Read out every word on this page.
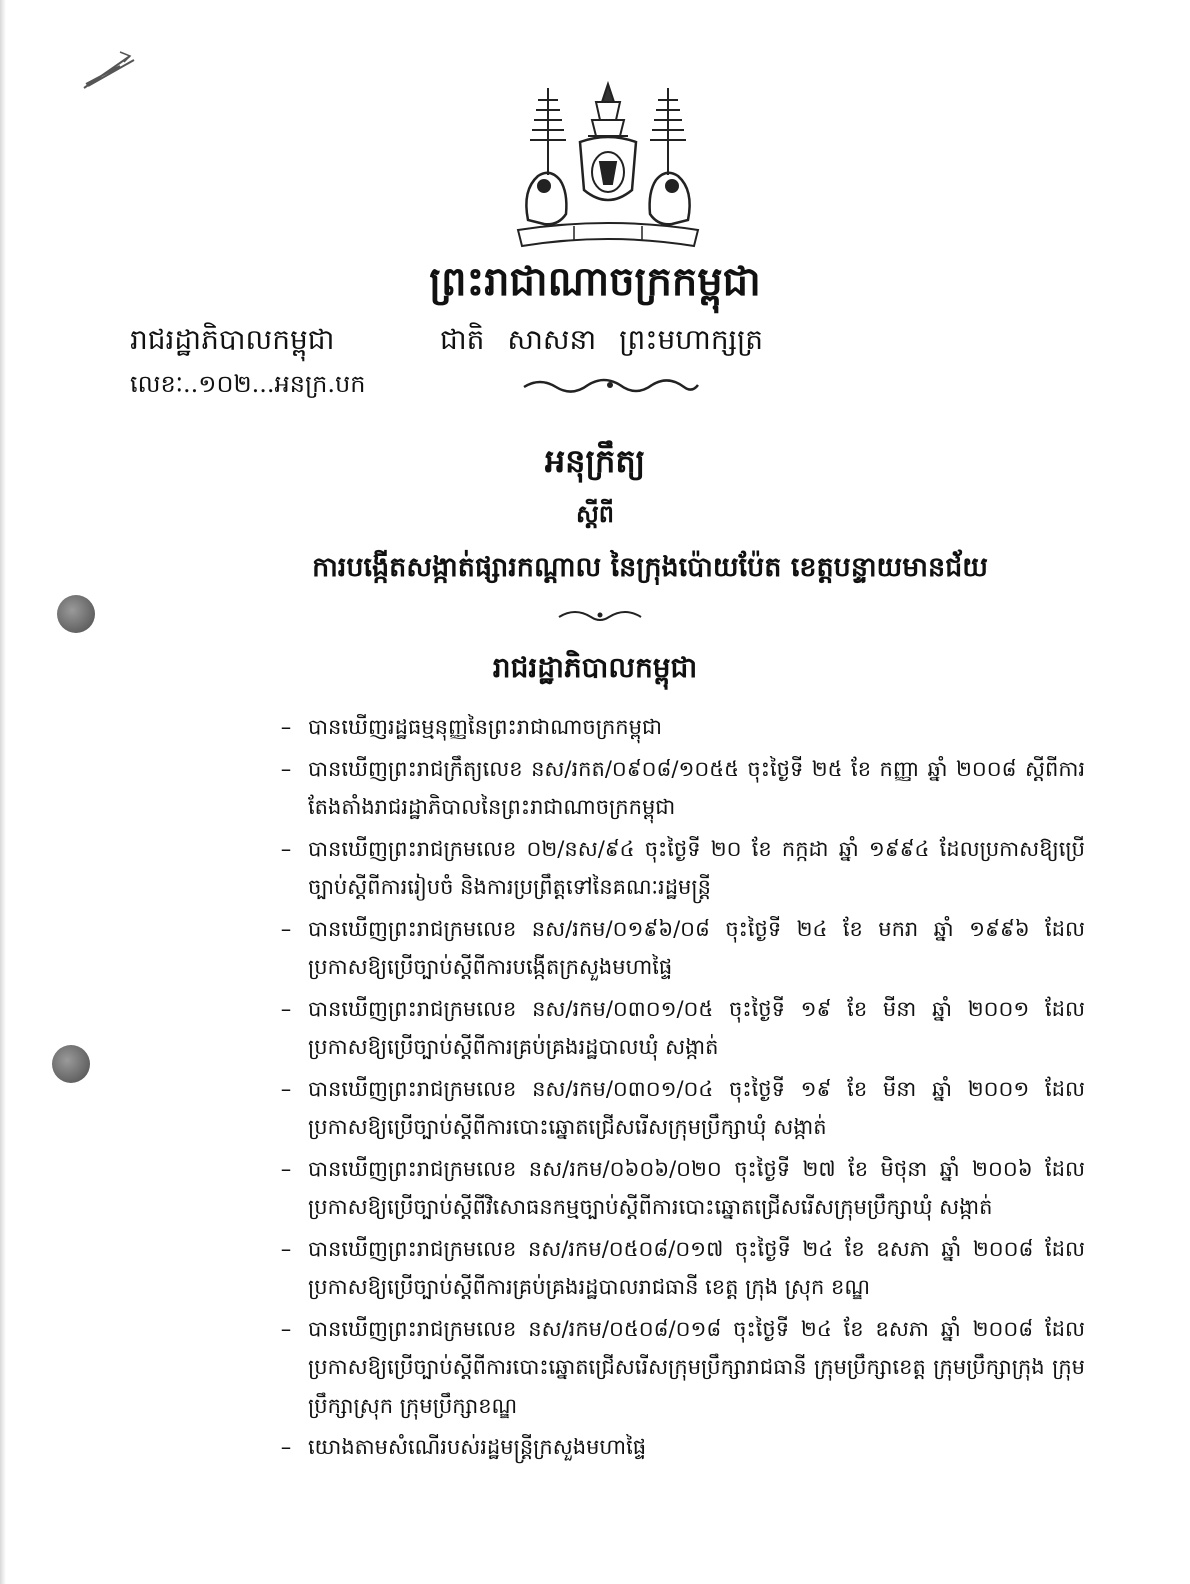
ព្រះរាជាណាចក្រកម្ពុជា
រាជរដ្ឋាភិបាលកម្ពុជា	ជាតិ សាសនា ព្រះមហាក្សត្រ
លេខៈ..១០២...អនក្រ.បក
អនុក្រឹត្យ
ស្តីពី
ការបង្កើតសង្កាត់ផ្សារកណ្តាល នៃក្រុងប៉ោយប៉ែត ខេត្តបន្ទាយមានជ័យ
រាជរដ្ឋាភិបាលកម្ពុជា
– បានឃើញរដ្ឋធម្មនុញ្ញនៃព្រះរាជាណាចក្រកម្ពុជា
– បានឃើញព្រះរាជក្រឹត្យលេខ នស/រកត/០៩០៨/១០៥៥ ចុះថ្ងៃទី ២៥ ខែ កញ្ញា ឆ្នាំ ២០០៨ ស្តីពីការតែងតាំងរាជរដ្ឋាភិបាលនៃព្រះរាជាណាចក្រកម្ពុជា
– បានឃើញព្រះរាជក្រមលេខ ០២/នស/៩៤ ចុះថ្ងៃទី ២០ ខែ កក្កដា ឆ្នាំ ១៩៩៤ ដែលប្រកាសឱ្យប្រើច្បាប់ស្តីពីការរៀបចំ និងការប្រព្រឹត្តទៅនៃគណៈរដ្ឋមន្ត្រី
– បានឃើញព្រះរាជក្រមលេខ នស/រកម/០១៩៦/០៨ ចុះថ្ងៃទី ២៤ ខែ មករា ឆ្នាំ ១៩៩៦ ដែលប្រកាសឱ្យប្រើច្បាប់ស្តីពីការបង្កើតក្រសួងមហាផ្ទៃ
– បានឃើញព្រះរាជក្រមលេខ នស/រកម/០៣០១/០៥ ចុះថ្ងៃទី ១៩ ខែ មីនា ឆ្នាំ ២០០១ ដែលប្រកាសឱ្យប្រើច្បាប់ស្តីពីការគ្រប់គ្រងរដ្ឋបាលឃុំ សង្កាត់
– បានឃើញព្រះរាជក្រមលេខ នស/រកម/០៣០១/០៤ ចុះថ្ងៃទី ១៩ ខែ មីនា ឆ្នាំ ២០០១ ដែលប្រកាសឱ្យប្រើច្បាប់ស្តីពីការបោះឆ្នោតជ្រើសរើសក្រុមប្រឹក្សាឃុំ សង្កាត់
– បានឃើញព្រះរាជក្រមលេខ នស/រកម/០៦០៦/០២០ ចុះថ្ងៃទី ២៧ ខែ មិថុនា ឆ្នាំ ២០០៦ ដែលប្រកាសឱ្យប្រើច្បាប់ស្តីពីវិសោធនកម្មច្បាប់ស្តីពីការបោះឆ្នោតជ្រើសរើសក្រុមប្រឹក្សាឃុំ សង្កាត់
– បានឃើញព្រះរាជក្រមលេខ នស/រកម/០៥០៨/០១៧ ចុះថ្ងៃទី ២៤ ខែ ឧសភា ឆ្នាំ ២០០៨ ដែលប្រកាសឱ្យប្រើច្បាប់ស្តីពីការគ្រប់គ្រងរដ្ឋបាលរាជធានី ខេត្ត ក្រុង ស្រុក ខណ្ឌ
– បានឃើញព្រះរាជក្រមលេខ នស/រកម/០៥០៨/០១៨ ចុះថ្ងៃទី ២៤ ខែ ឧសភា ឆ្នាំ ២០០៨ ដែលប្រកាសឱ្យប្រើច្បាប់ស្តីពីការបោះឆ្នោតជ្រើសរើសក្រុមប្រឹក្សារាជធានី ក្រុមប្រឹក្សាខេត្ត ក្រុមប្រឹក្សាក្រុង ក្រុមប្រឹក្សាស្រុក ក្រុមប្រឹក្សាខណ្ឌ
– យោងតាមសំណើរបស់រដ្ឋមន្ត្រីក្រសួងមហាផ្ទៃ
